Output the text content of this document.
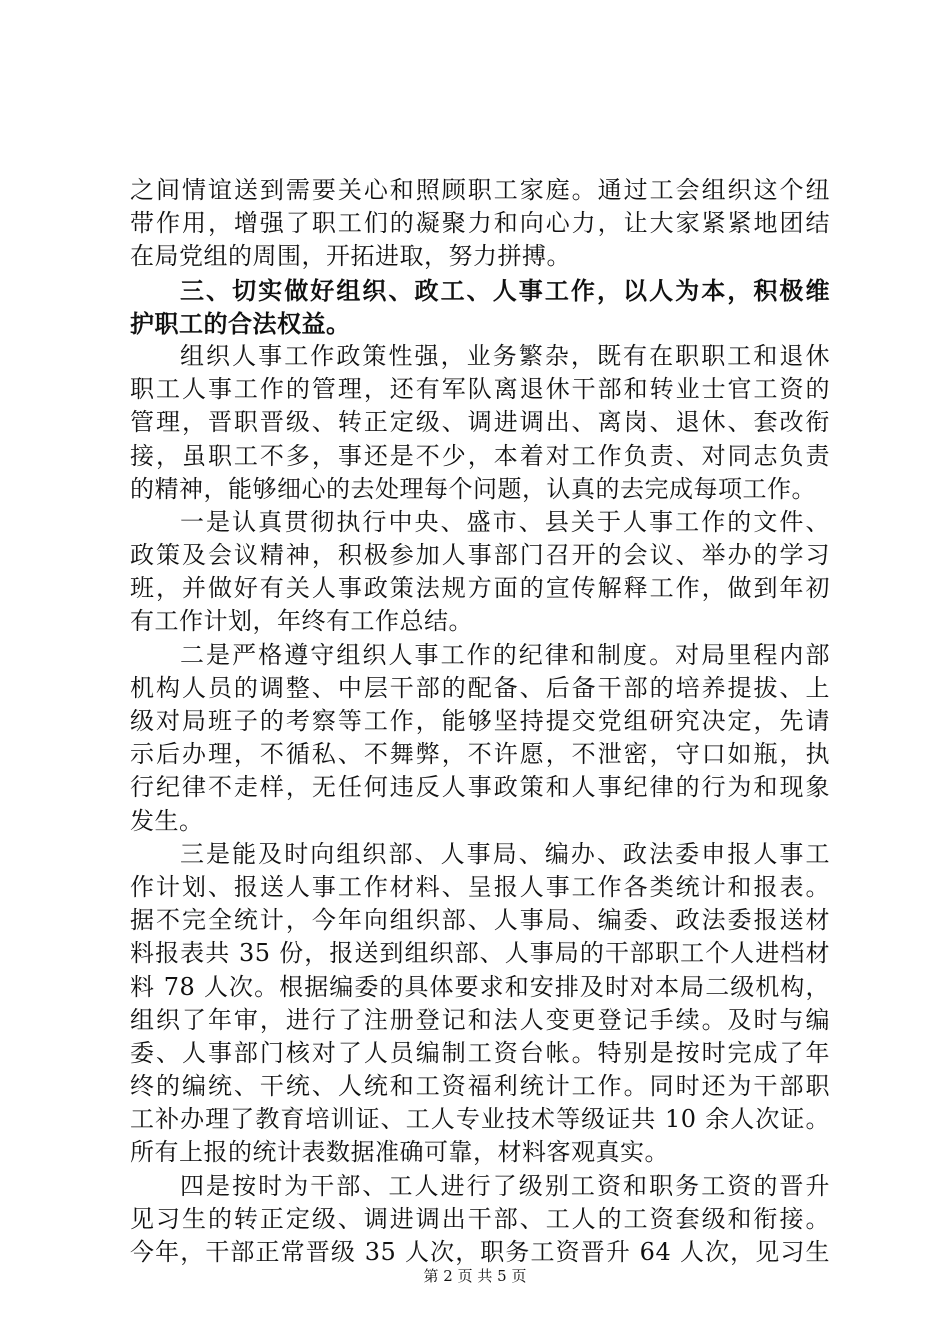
之间情谊送到需要关心和照顾职工家庭。通过工会组织这个纽
带作用，增强了职工们的凝聚力和向心力，让大家紧紧地团结
在局党组的周围，开拓进取，努力拼搏。
三、切实做好组织、政工、人事工作，以人为本，积极维
护职工的合法权益。
组织人事工作政策性强，业务繁杂，既有在职职工和退休
职工人事工作的管理，还有军队离退休干部和转业士官工资的
管理，晋职晋级、转正定级、调进调出、离岗、退休、套改衔
接，虽职工不多，事还是不少，本着对工作负责、对同志负责
的精神，能够细心的去处理每个问题，认真的去完成每项工作。
一是认真贯彻执行中央、盛市、县关于人事工作的文件、
政策及会议精神，积极参加人事部门召开的会议、举办的学习
班，并做好有关人事政策法规方面的宣传解释工作，做到年初
有工作计划，年终有工作总结。
二是严格遵守组织人事工作的纪律和制度。对局里程内部
机构人员的调整、中层干部的配备、后备干部的培养提拔、上
级对局班子的考察等工作，能够坚持提交党组研究决定，先请
示后办理，不循私、不舞弊，不许愿，不泄密，守口如瓶，执
行纪律不走样，无任何违反人事政策和人事纪律的行为和现象
发生。
三是能及时向组织部、人事局、编办、政法委申报人事工
作计划、报送人事工作材料、呈报人事工作各类统计和报表。
据不完全统计，今年向组织部、人事局、编委、政法委报送材
料报表共 35 份，报送到组织部、人事局的干部职工个人进档材
料 78 人次。根据编委的具体要求和安排及时对本局二级机构，
组织了年审，进行了注册登记和法人变更登记手续。及时与编
委、人事部门核对了人员编制工资台帐。特别是按时完成了年
终的编统、干统、人统和工资福利统计工作。同时还为干部职
工补办理了教育培训证、工人专业技术等级证共 10 余人次证。
所有上报的统计表数据准确可靠，材料客观真实。
四是按时为干部、工人进行了级别工资和职务工资的晋升
见习生的转正定级、调进调出干部、工人的工资套级和衔接。
今年，干部正常晋级 35 人次，职务工资晋升 64 人次，见习生
第 2 页 共 5 页
